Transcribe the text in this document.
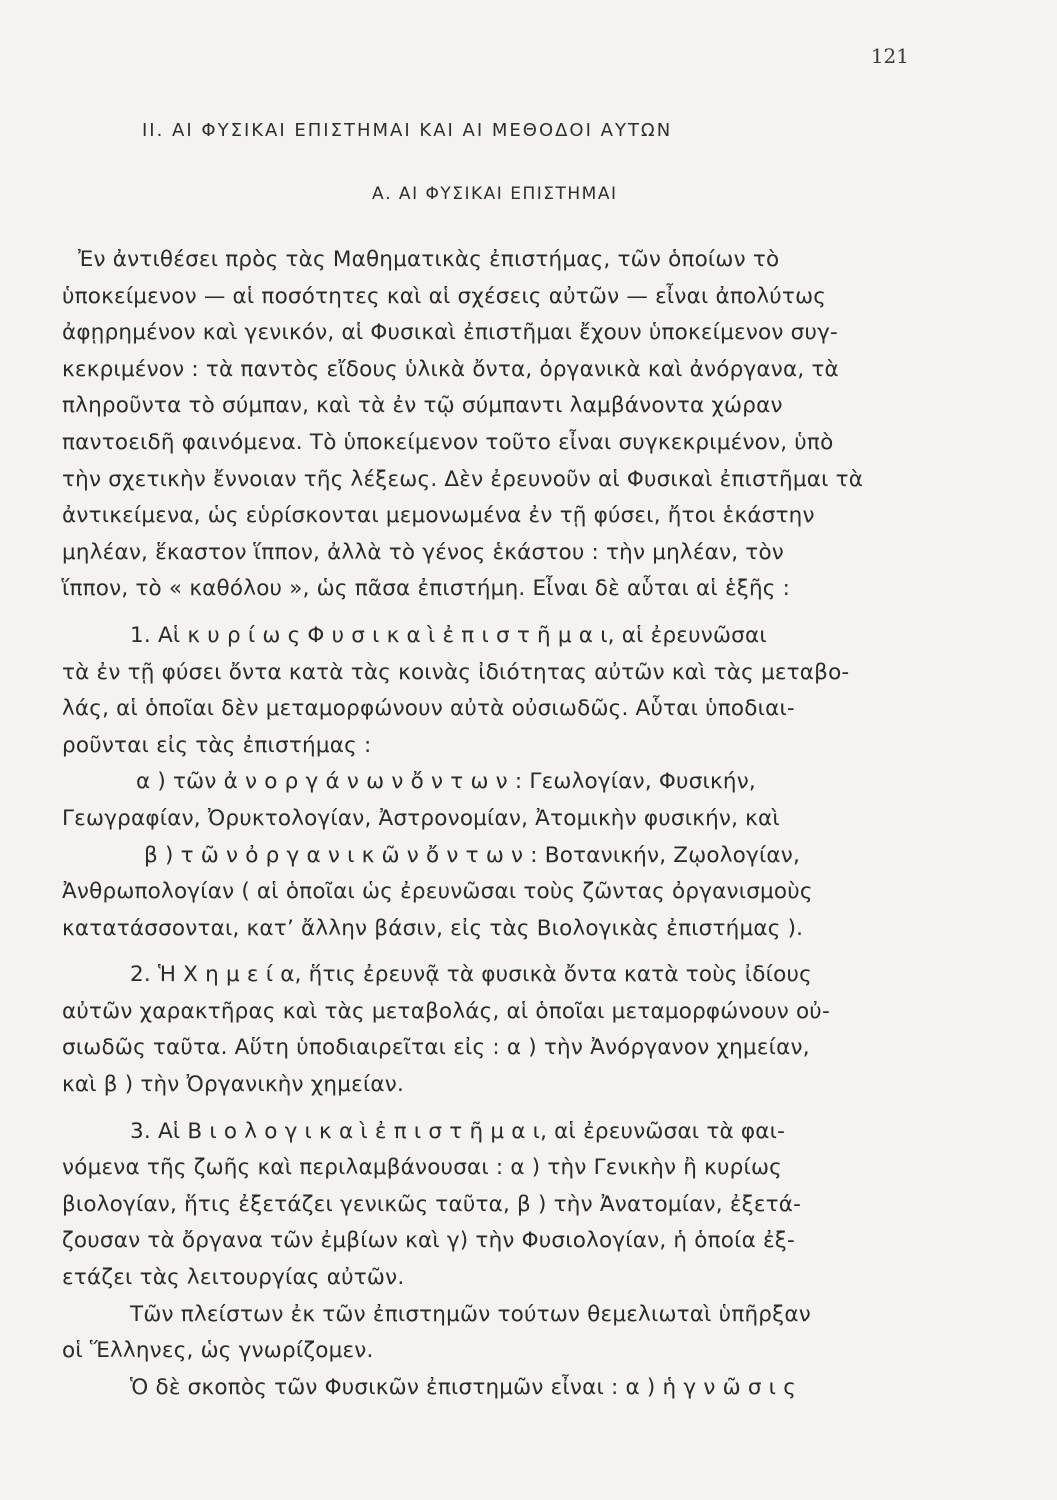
121
II. ΑΙ ΦΥΣΙΚΑΙ ΕΠΙΣΤΗΜΑΙ ΚΑΙ ΑΙ ΜΕΘΟΔΟΙ ΑΥΤΩΝ
Α. ΑΙ ΦΥΣΙΚΑΙ ΕΠΙΣΤΗΜΑΙ
Ἐν ἀντιθέσει πρὸς τὰς Μαθηματικὰς ἐπιστήμας, τῶν ὁποίων τὸ
ὑποκείμενον — αἱ ποσότητες καὶ αἱ σχέσεις αὐτῶν — εἶναι ἀπολύτως
ἀφῃρημένον καὶ γενικόν, αἱ Φυσικαὶ ἐπιστῆμαι ἔχουν ὑποκείμενον συγ-
κεκριμένον : τὰ παντὸς εἴδους ὑλικὰ ὄντα, ὀργανικὰ καὶ ἀνόργανα, τὰ
πληροῦντα τὸ σύμπαν, καὶ τὰ ἐν τῷ σύμπαντι λαμβάνοντα χώραν
παντοειδῆ φαινόμενα. Τὸ ὑποκείμενον τοῦτο εἶναι συγκεκριμένον, ὑπὸ
τὴν σχετικὴν ἔννοιαν τῆς λέξεως. Δὲν ἐρευνοῦν αἱ Φυσικαὶ ἐπιστῆμαι τὰ
ἀντικείμενα, ὡς εὑρίσκονται μεμονωμένα ἐν τῇ φύσει, ἤτοι ἑκάστην
μηλέαν, ἕκαστον ἵππον, ἀλλὰ τὸ γένος ἑκάστου : τὴν μηλέαν, τὸν
ἵππον, τὸ « καθόλου », ὡς πᾶσα ἐπιστήμη. Εἶναι δὲ αὗται αἱ ἑξῆς :
1. Αἱ κ υ ρ ί ω ς Φ υ σ ι κ α ὶ ἐ π ι σ τ ῆ μ α ι, αἱ ἐρευνῶσαι
τὰ ἐν τῇ φύσει ὄντα κατὰ τὰς κοινὰς ἰδιότητας αὐτῶν καὶ τὰς μεταβο-
λάς, αἱ ὁποῖαι δὲν μεταμορφώνουν αὐτὰ οὐσιωδῶς. Αὗται ὑποδιαι-
ροῦνται εἰς τὰς ἐπιστήμας :
α ) τῶν ἀ ν ο ρ γ ά ν ω ν ὄ ν τ ω ν : Γεωλογίαν, Φυσικήν,
Γεωγραφίαν, Ὀρυκτολογίαν, Ἀστρονομίαν, Ἀτομικὴν φυσικήν, καὶ
β ) τ ῶ ν ὀ ρ γ α ν ι κ ῶ ν ὄ ν τ ω ν : Βοτανικήν, Ζῳολογίαν,
Ἀνθρωπολογίαν ( αἱ ὁποῖαι ὡς ἐρευνῶσαι τοὺς ζῶντας ὀργανισμοὺς
κατατάσσονται, κατ’ ἄλλην βάσιν, εἰς τὰς Βιολογικὰς ἐπιστήμας ).
2. Ἡ Χ η μ ε ί α, ἥτις ἐρευνᾷ τὰ φυσικὰ ὄντα κατὰ τοὺς ἰδίους
αὐτῶν χαρακτῆρας καὶ τὰς μεταβολάς, αἱ ὁποῖαι μεταμορφώνουν οὐ-
σιωδῶς ταῦτα. Αὕτη ὑποδιαιρεῖται εἰς : α ) τὴν Ἀνόργανον χημείαν,
καὶ β ) τὴν Ὀργανικὴν χημείαν.
3. Αἱ Β ι ο λ ο γ ι κ α ὶ ἐ π ι σ τ ῆ μ α ι, αἱ ἐρευνῶσαι τὰ φαι-
νόμενα τῆς ζωῆς καὶ περιλαμβάνουσαι : α ) τὴν Γενικὴν ἢ κυρίως
βιολογίαν, ἥτις ἐξετάζει γενικῶς ταῦτα, β ) τὴν Ἀνατομίαν, ἐξετά-
ζουσαν τὰ ὄργανα τῶν ἐμβίων καὶ γ) τὴν Φυσιολογίαν, ἡ ὁποία ἐξ-
ετάζει τὰς λειτουργίας αὐτῶν.
Τῶν πλείστων ἐκ τῶν ἐπιστημῶν τούτων θεμελιωταὶ ὑπῆρξαν
οἱ Ἕλληνες, ὡς γνωρίζομεν.
Ὁ δὲ σκοπὸς τῶν Φυσικῶν ἐπιστημῶν εἶναι : α ) ἡ γ ν ῶ σ ι ς
